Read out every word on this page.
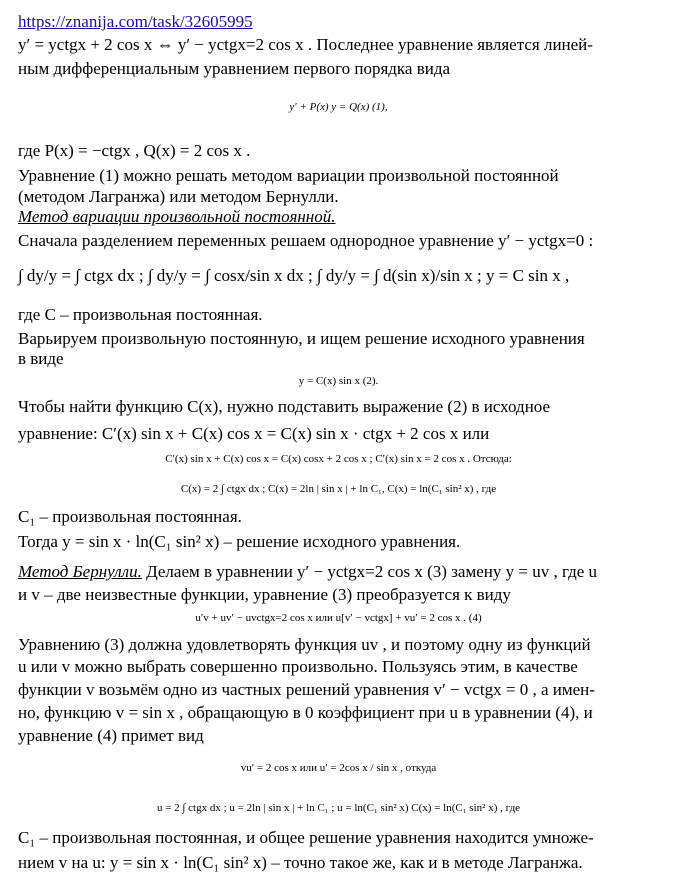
https://znanija.com/task/32605995
y′ = yctgx + 2 cos x ⇔ y′ − yctgx=2 cos x . Последнее уравнение является линей-
ным дифференциальным уравнением первого порядка вида
y′ + P(x) y = Q(x) (1),
где P(x) = −ctgx , Q(x) = 2 cos x .
Уравнение (1) можно решать методом вариации произвольной постоянной
(методом Лагранжа) или методом Бернулли.
Метод вариации произвольной постоянной.
Сначала разделением переменных решаем однородное уравнение y′ − yctgx=0 :
∫ dy/y = ∫ ctgx dx ; ∫ dy/y = ∫ cosx/sin x dx ; ∫ dy/y = ∫ d(sin x)/sin x ; y = C sin x ,
где C – произвольная постоянная.
Варьируем произвольную постоянную, и ищем решение исходного уравнения
в виде
y = C(x) sin x (2).
Чтобы найти функцию C(x), нужно подставить выражение (2) в исходное
уравнение: C′(x) sin x + C(x) cos x = C(x) sin x · ctgx + 2 cos x или
C′(x) sin x + C(x) cos x = C(x) cosx + 2 cos x ; C′(x) sin x = 2 cos x . Отсюда:
C(x) = 2 ∫ ctgx dx ; C(x) = 2ln | sin x | + ln C₁, C(x) = ln(C₁ sin² x) , где
C₁ – произвольная постоянная.
Тогда y = sin x · ln(C₁ sin² x) – решение исходного уравнения.
Метод Бернулли. Делаем в уравнении y′ − yctgx=2 cos x (3) замену y = uv , где u
и v – две неизвестные функции, уравнение (3) преобразуется к виду
u′v + uv′ − uvctgx=2 cos x или u[v′ − vctgx] + vu′ = 2 cos x . (4)
Уравнению (3) должна удовлетворять функция uv , и поэтому одну из функций
u или v можно выбрать совершенно произвольно. Пользуясь этим, в качестве
функции v возьмём одно из частных решений уравнения v′ − vctgx = 0 , а имен-
но, функцию v = sin x , обращающую в 0 коэффициент при u в уравнении (4), и
уравнение (4) примет вид
vu′ = 2 cos x или u′ = 2cos x / sin x , откуда
u = 2 ∫ ctgx dx ; u = 2ln | sin x | + ln C₁ ; u = ln(C₁ sin² x) C(x) = ln(C₁ sin² x) , где
C₁ – произвольная постоянная, и общее решение уравнения находится умноже-
нием v на u: y = sin x · ln(C₁ sin² x) – точно такое же, как и в методе Лагранжа.
